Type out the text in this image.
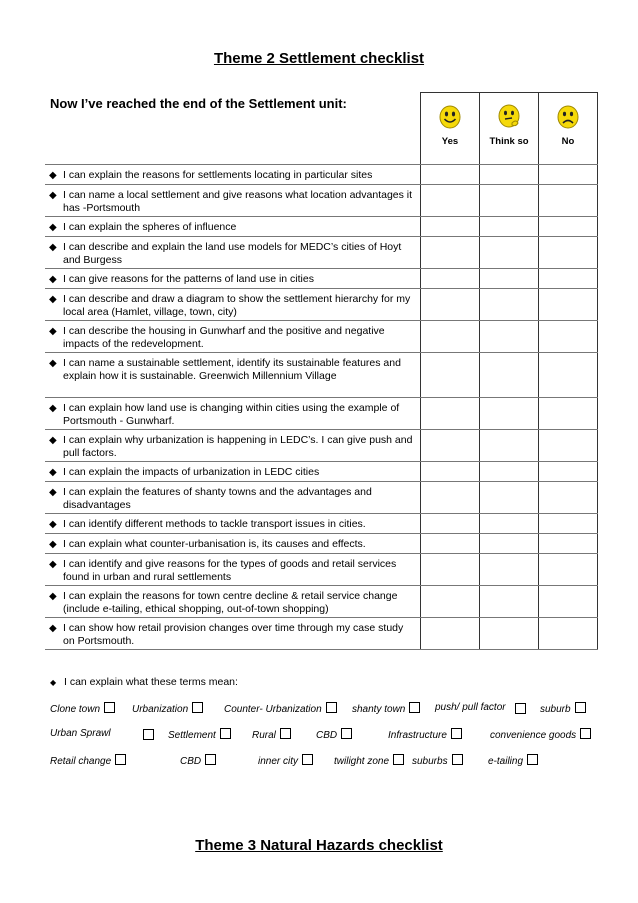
Theme 2 Settlement checklist
Now I’ve reached the end of the Settlement unit:

Yes	Think so	No

◆ I can explain the reasons for settlements locating in particular sites			

◆ I can name a local settlement and give reasons what location advantages it has -Portsmouth			

◆ I can explain the spheres of influence			

◆ I can describe and explain the land use models for MEDC’s cities of Hoyt and Burgess			

◆ I can give reasons for the patterns of land use in cities			

◆ I can describe and draw a diagram to show the settlement hierarchy for my local area (Hamlet, village, town, city)			

◆ I can describe the housing in Gunwharf and the positive and negative impacts of the redevelopment.			

◆ I can name a sustainable settlement, identify its sustainable features and explain how it is sustainable. Greenwich Millennium Village			

◆ I can explain how land use is changing within cities using the example of Portsmouth - Gunwharf.			

◆ I can explain why urbanization is happening in LEDC’s. I can give push and pull factors.			

◆ I can explain the impacts of urbanization in LEDC cities			

◆ I can explain the features of shanty towns and the advantages and disadvantages			

◆ I can identify different methods to tackle transport issues in cities.			

◆ I can explain what counter-urbanisation is, its causes and effects.			

◆ I can identify and give reasons for the types of goods and retail services found in urban and rural settlements			

◆ I can explain the reasons for town centre decline & retail service change (include e-tailing, ethical shopping, out-of-town shopping)			

◆ I can show how retail provision changes over time through my case study on Portsmouth.			

◆ I can explain what these terms mean:
Clone town	Urbanization	Counter- Urbanization	shanty town	push/ pull factor	suburb
Urban Sprawl	Settlement	Rural	CBD	Infrastructure	convenience goods
Retail change	CBD	inner city	twilight zone	suburbs	e-tailing
Theme 3 Natural Hazards checklist
